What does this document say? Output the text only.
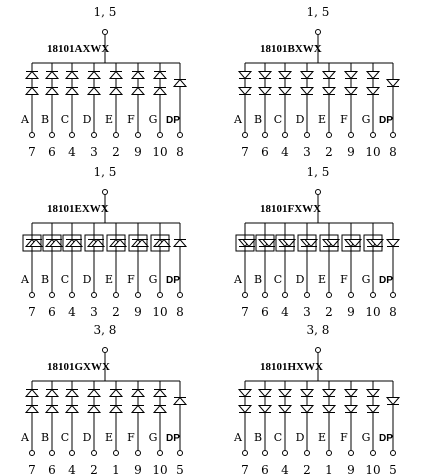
1, 5
18101AXWX
A
7
B
6
C
4
D
3
E
2
F
9
G
10
DP
8
1, 5
18101BXWX
A
7
B
6
C
4
D
3
E
2
F
9
G
10
DP
8
1, 5
18101EXWX
A
7
B
6
C
4
D
3
E
2
F
9
G
10
DP
8
1, 5
18101FXWX
A
7
B
6
C
4
D
3
E
2
F
9
G
10
DP
8
3, 8
18101GXWX
A
7
B
6
C
4
D
2
E
1
F
9
G
10
DP
5
3, 8
18101HXWX
A
7
B
6
C
4
D
2
E
1
F
9
G
10
DP
5
